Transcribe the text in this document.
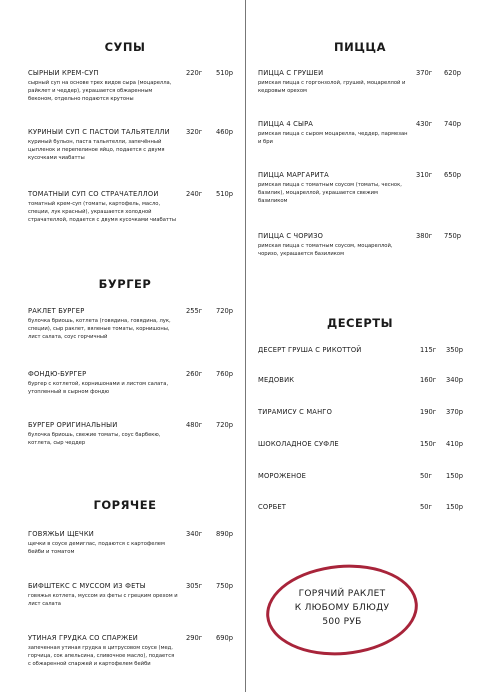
СУПЫ	ПИЦЦА
БУРГЕР
ДЕСЕРТЫ
ГОРЯЧЕЕ
СЫРНЫЙ КРЕМ-СУП	220г 510р
сырный суп на основе трех видов сыра (моцарелла, райклет и чеддер), украшается обжаренным беконом, отдельно подаются крутоны
КУРИНЫЙ СУП С ПАСТОЙ ТАЛЬЯТЕЛЛИ	320г 460р
куриный бульон, паста тальятелли, запечённый цыпленок и перепелиное яйцо, подается с двумя кусочками чиабатты
ТОМАТНЫЙ СУП СО СТРАЧАТЕЛЛОЙ	240г 510р
томатный крем-суп (томаты, картофель, масло, специи, лук красный), украшается холодной страчателлой, подается с двумя кусочками чиабатты
РАКЛЕТ БУРГЕР	255г 720р
булочка бриошь, котлета (говядина, говядина, лук, специи), сыр раклет, вяленые томаты, корнишоны, лист салата, соус горчичный
ФОНДЮ-БУРГЕР	260г 760р
бургер с котлетой, корнишонами и листом салата, утопленный в сырном фондю
БУРГЕР ОРИГИНАЛЬНЫЙ	480г 720р
булочка бриошь, свежие томаты, соус барбекю, котлета, сыр чеддер
ГОВЯЖЬИ ЩЕЧКИ	340г 890р
щечки в соусе демиглас, подаются с картофелем бейби и томатом
БИФШТЕКС С МУССОМ ИЗ ФЕТЫ	305г 750р
говяжья котлета, муссом из феты с грецким орехом и лист салата
УТИНАЯ ГРУДКА СО СПАРЖЕЙ	290г 690р
запеченная утиная грудка в цитрусовом соусе (мед, горчица, сок апельсина, сливочное масло), подается с обжаренной спаржей и картофелем бейби
ПИЦЦА С ГРУШЕЙ	370г 620р
римская пицца с горгонзолой, грушей, моцареллой и кедровым орехом
ПИЦЦА 4 СЫРА	430г 740р
римская пицца с сыром моцарелла, чеддер, пармезан и бри
ПИЦЦА МАРГАРИТА	310г 650р
римская пицца с томатным соусом (томаты, чеснок, базилик), моцареллой, украшается свежим базиликом
ПИЦЦА С ЧОРИЗО	380г 750р
римская пицца с томатным соусом, моцареллой, чоризо, украшается базиликом
ДЕСЕРТ ГРУША С РИКОТТОЙ	115г 350р
МЕДОВИК	160г 340р
ТИРАМИСУ С МАНГО	190г 370р
ШОКОЛАДНОЕ СУФЛЕ	150г 410р
МОРОЖЕНОЕ	50г 150р
СОРБЕТ	50г 150р
ГОРЯЧИЙ РАКЛЕТ
К ЛЮБОМУ БЛЮДУ
500 РУБ
